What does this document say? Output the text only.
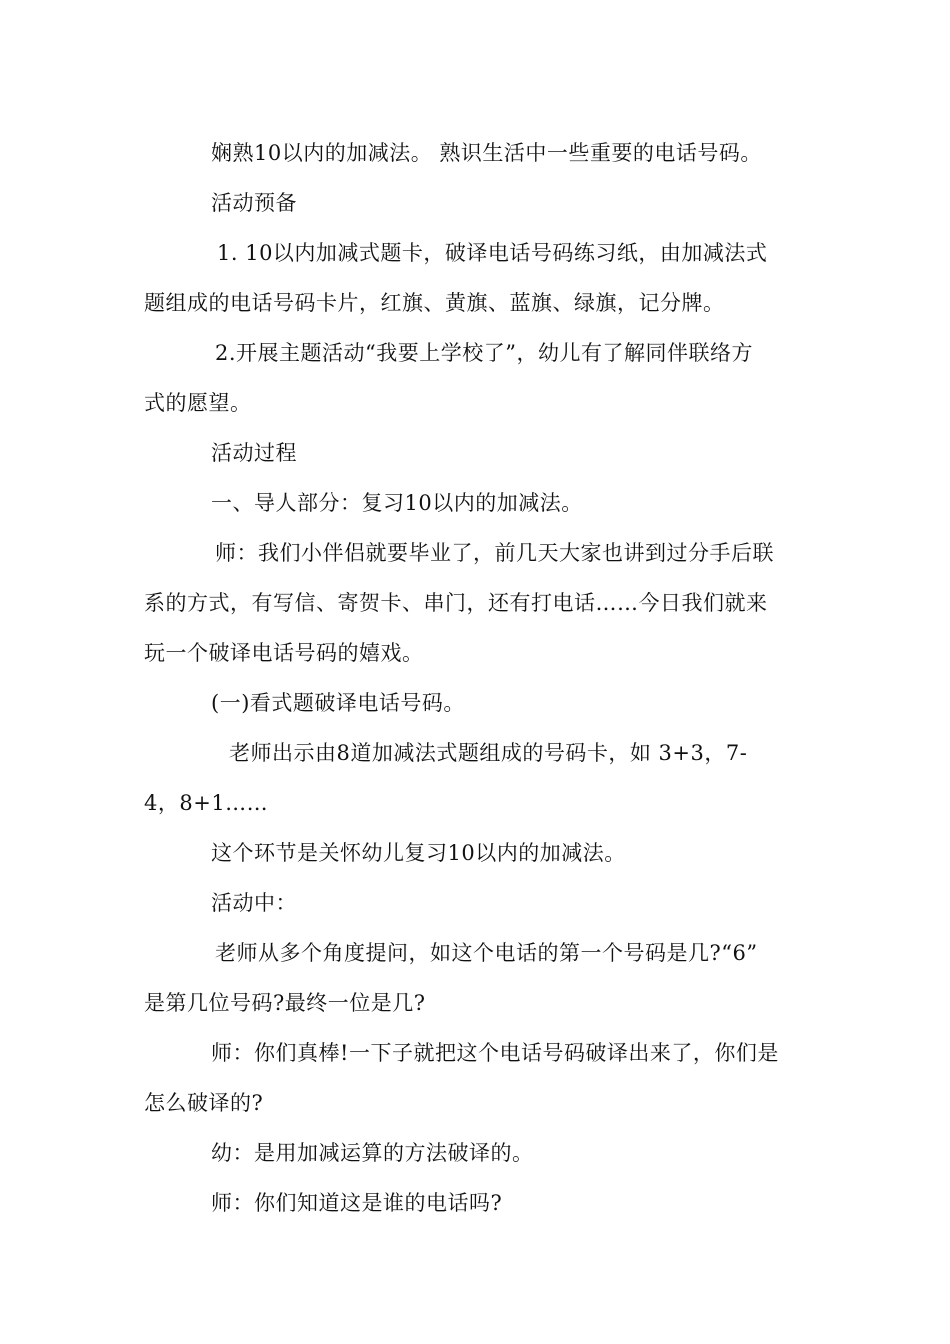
娴熟10以内的加减法。 熟识生活中一些重要的电话号码。

活动预备

1. 10以内加减式题卡，破译电话号码练习纸，由加减法式

题组成的电话号码卡片，红旗、黄旗、蓝旗、绿旗，记分牌。

2.开展主题活动“我要上学校了”，幼儿有了解同伴联络方

式的愿望。

活动过程

一、导人部分：复习10以内的加减法。

师：我们小伴侣就要毕业了，前几天大家也讲到过分手后联

系的方式，有写信、寄贺卡、串门，还有打电话……今日我们就来

玩一个破译电话号码的嬉戏。

(一)看式题破译电话号码。

老师出示由8道加减法式题组成的号码卡，如 3+3，7-

4，8+1……

这个环节是关怀幼儿复习10以内的加减法。

活动中：

老师从多个角度提问，如这个电话的第一个号码是几?“6”

是第几位号码?最终一位是几?

师：你们真棒!一下子就把这个电话号码破译出来了，你们是

怎么破译的?

幼：是用加减运算的方法破译的。

师：你们知道这是谁的电话吗?
